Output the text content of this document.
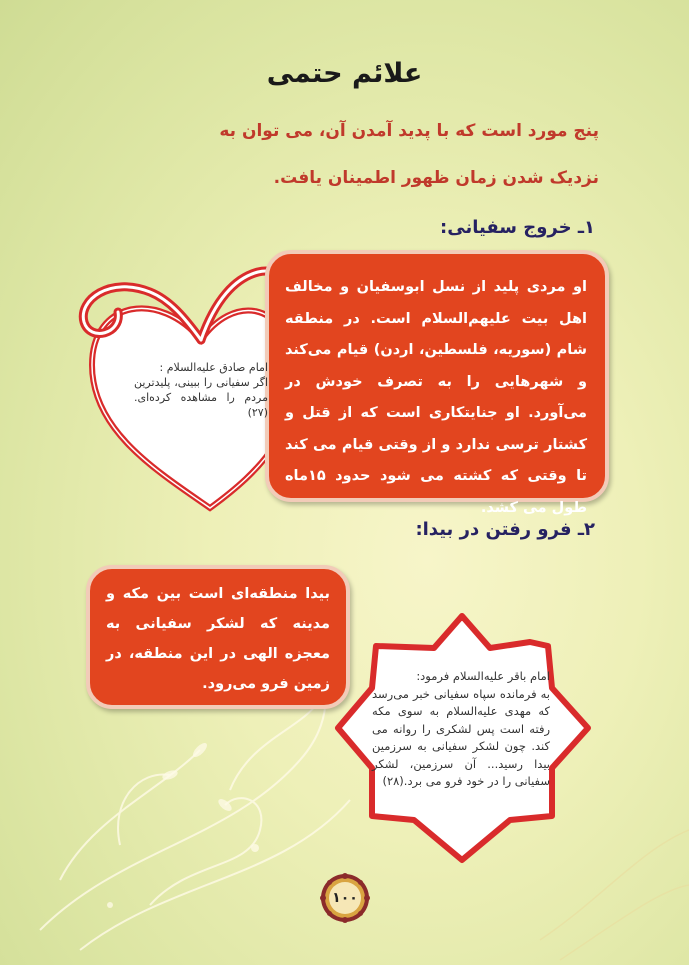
علائم حتمی
پنج مورد است که با پدید آمدن آن، می توان به
نزدیک شدن زمان ظهور اطمینان یافت.
۱ـ خروج سفیانی:
او مردی پلید از نسل ابوسفیان و مخالف اهل بیت علیهم‌السلام است. در منطقه شام (سوریه، فلسطین، اردن) قیام می‌کند و شهرهایی را به تصرف خودش در می‌آورد. او جنایتکاری است که از قتل و کشتار ترسی ندارد و از وقتی قیام می کند تا وقتی که کشته می شود حدود ۱۵ماه طول می کشد.
امام صادق علیه‌السلام :
اگر سفیانی را ببینی، پلیدترین مردم را مشاهده کرده‌ای. (۲۷)
۲ـ فرو رفتن در بیدا:
بیدا منطقه‌ای است بین مکه و مدینه که لشکر سفیانی به معجزه الهی در این منطقه، در زمین فرو می‌رود.	امام باقر علیه‌السلام فرمود:
به فرمانده سپاه سفیانی خبر می‌رسد که مهدی علیه‌السلام به سوی مکه رفته است پس لشکری را روانه می کند. چون لشکر سفیانی به سرزمین بیدا رسید... آن سرزمین، لشکر سفیانی را در خود فرو می برد.(۲۸)
۱۰۰
